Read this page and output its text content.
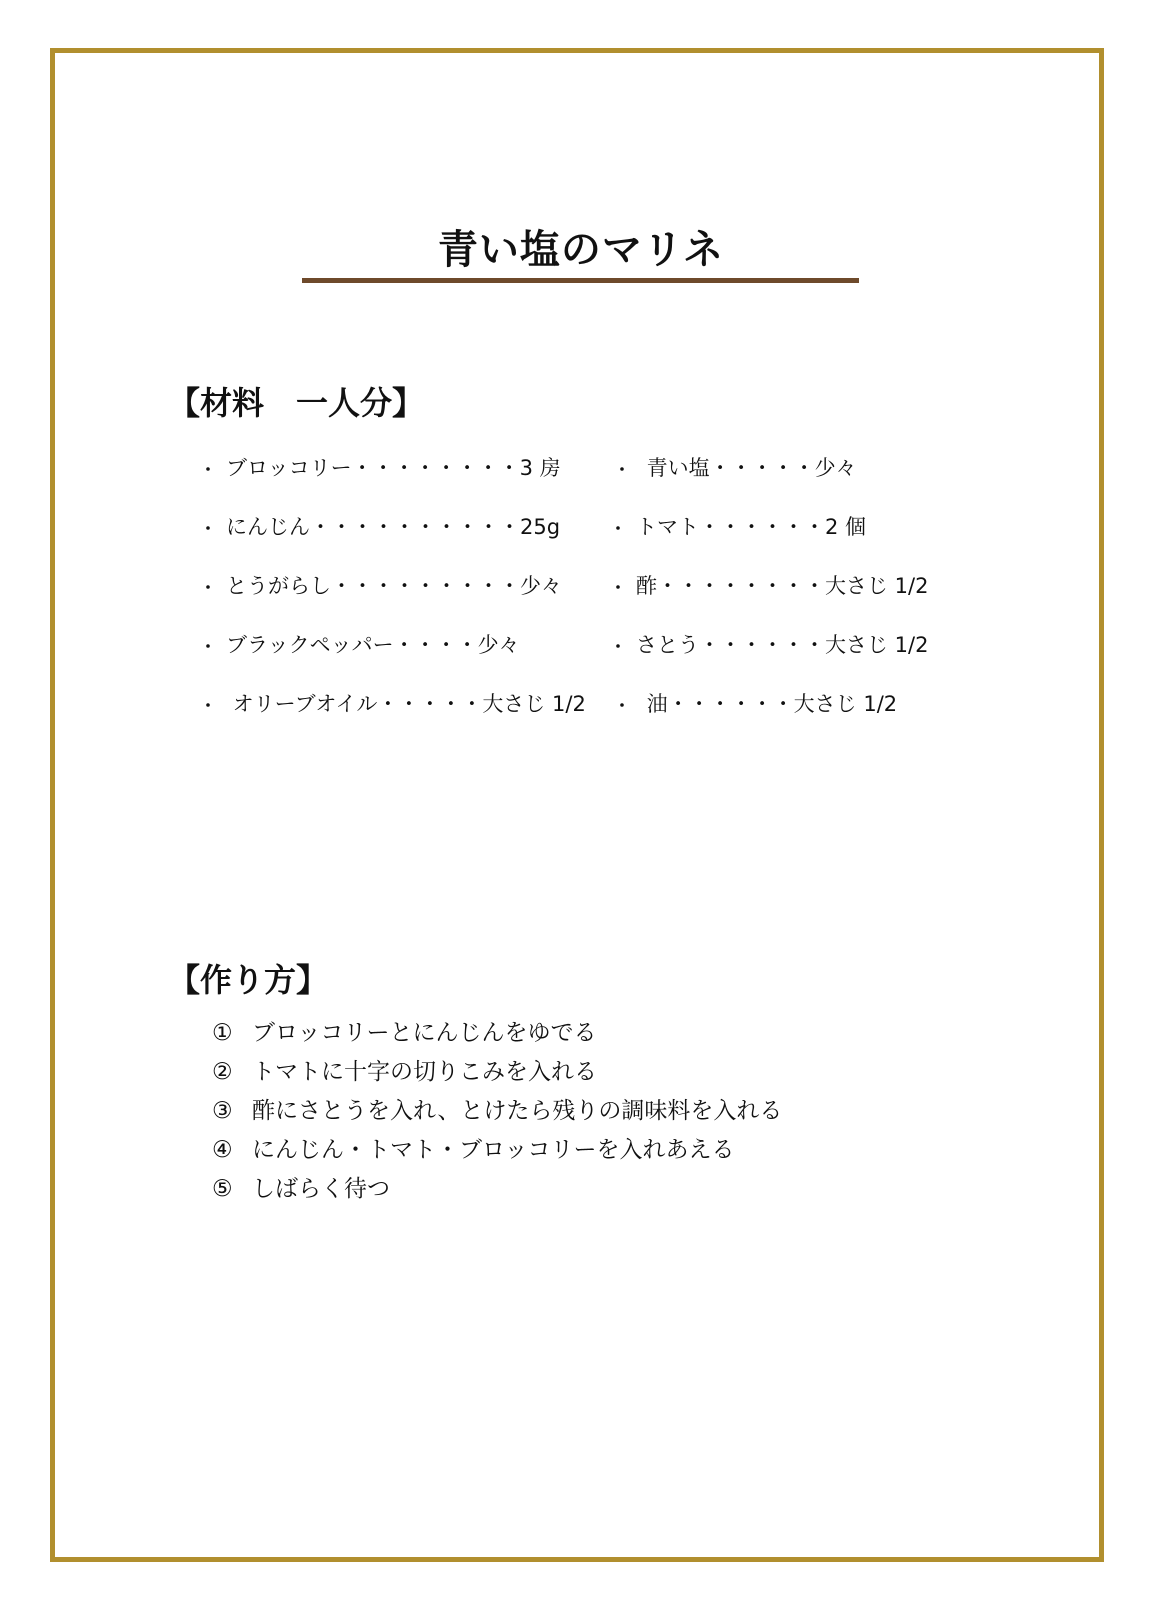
青い塩のマリネ
【材料　一人分】
・ ブロッコリー・・・・・・・・3 房
・ にんじん・・・・・・・・・・25g
・ とうがらし・・・・・・・・・少々
・ ブラックペッパー・・・・少々
・ オリーブオイル・・・・・大さじ 1/2
・ 青い塩・・・・・少々
・ トマト・・・・・・2 個
・ 酢・・・・・・・・大さじ 1/2
・ さとう・・・・・・大さじ 1/2
・ 油・・・・・・大さじ 1/2
【作り方】
① ブロッコリーとにんじんをゆでる
② トマトに十字の切りこみを入れる
③ 酢にさとうを入れ、とけたら残りの調味料を入れる
④ にんじん・トマト・ブロッコリーを入れあえる
⑤ しばらく待つ
